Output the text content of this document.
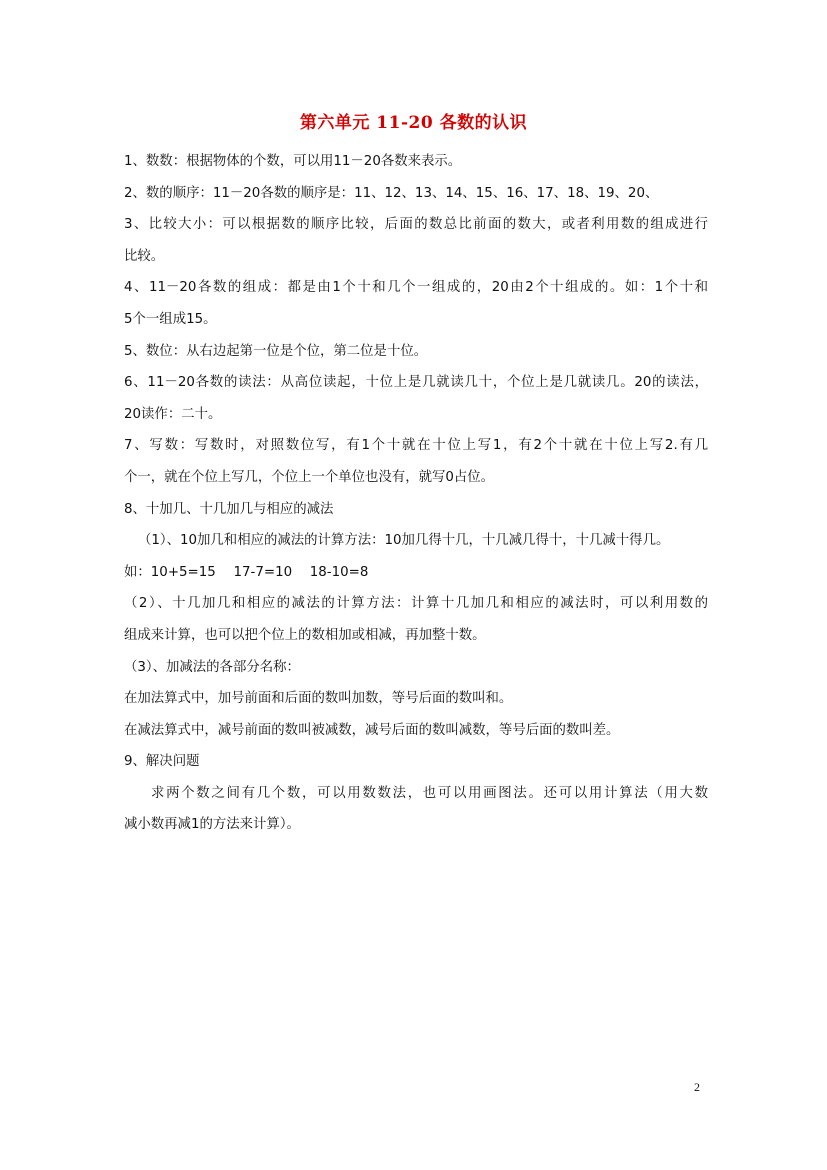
第六单元 11-20 各数的认识
1、数数：根据物体的个数，可以用11－20各数来表示。
2、数的顺序：11－20各数的顺序是：11、12、13、14、15、16、17、18、19、20、
3、比较大小：可以根据数的顺序比较，后面的数总比前面的数大，或者利用数的组成进行
比较。
4、11－20各数的组成：都是由1个十和几个一组成的，20由2个十组成的。如：1个十和
5个一组成15。
5、数位：从右边起第一位是个位，第二位是十位。
6、11－20各数的读法：从高位读起，十位上是几就读几十，个位上是几就读几。20的读法，
20读作：二十。
7、写数：写数时，对照数位写，有1个十就在十位上写1，有2个十就在十位上写2.有几
个一，就在个位上写几，个位上一个单位也没有，就写0占位。
8、十加几、十几加几与相应的减法
（1）、10加几和相应的减法的计算方法：10加几得十几，十几减几得十，十几减十得几。
如：10+5=15　 17-7=10　 18-10=8
（2）、十几加几和相应的减法的计算方法：计算十几加几和相应的减法时，可以利用数的
组成来计算，也可以把个位上的数相加或相减，再加整十数。
（3）、加减法的各部分名称：
在加法算式中，加号前面和后面的数叫加数，等号后面的数叫和。
在减法算式中，减号前面的数叫被减数，减号后面的数叫减数，等号后面的数叫差。
9、解决问题
求两个数之间有几个数，可以用数数法，也可以用画图法。还可以用计算法（用大数
减小数再减1的方法来计算）。
2
